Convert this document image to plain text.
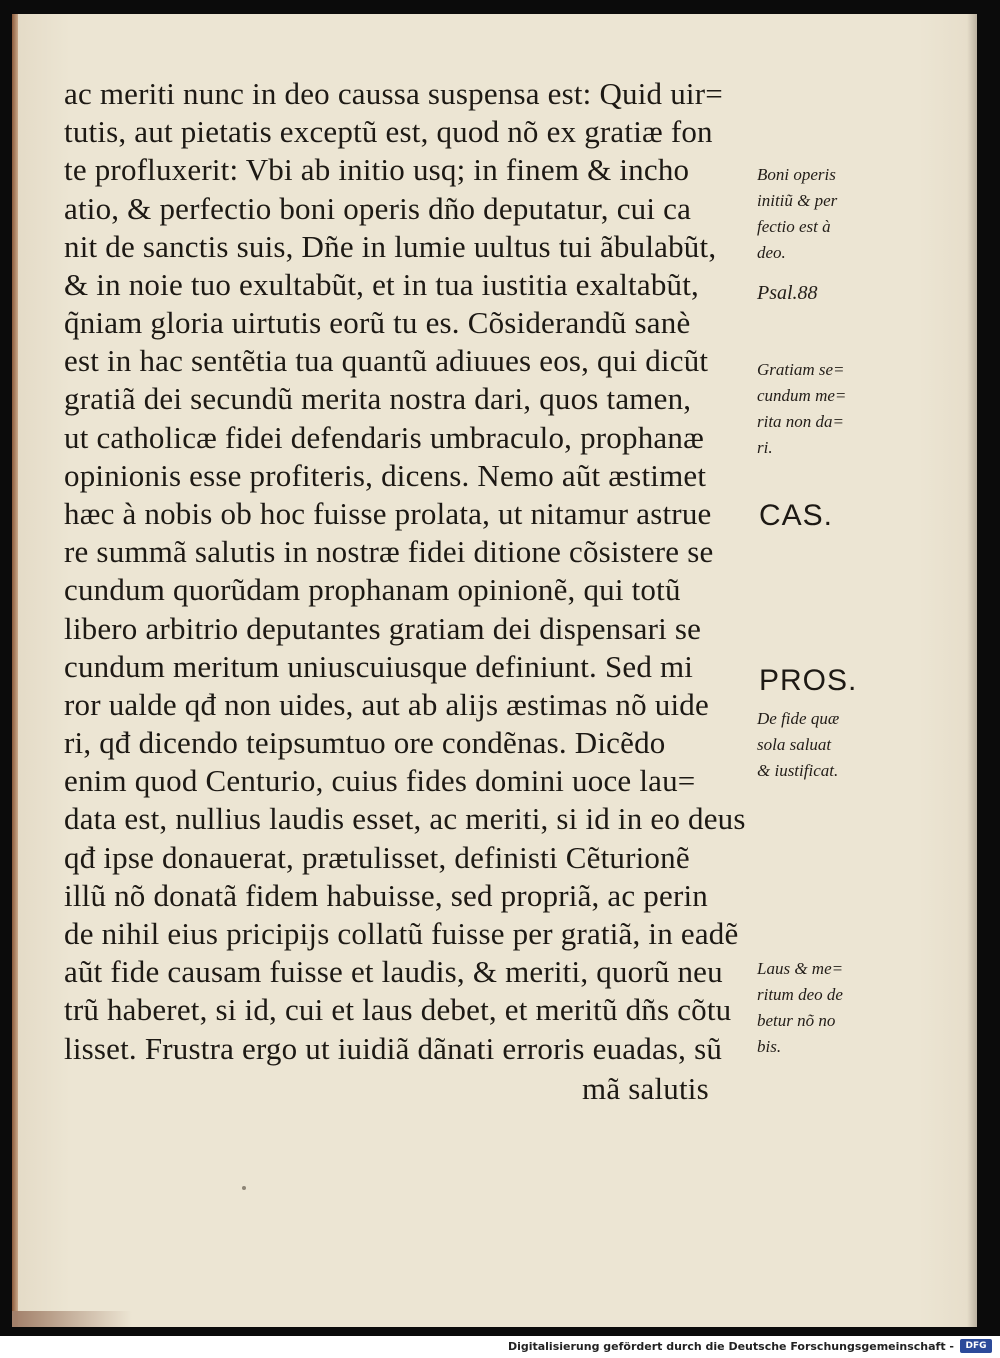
ac meriti nunc in deo caussa suspensa est: Quid uir=
tutis, aut pietatis exceptũ est, quod nõ ex gratiæ fon
te profluxerit: Vbi ab initio usq; in finem & incho
atio, & perfectio boni operis dño deputatur, cui ca
nit de sanctis suis, Dñe in lumie uultus tui ãbulabũt,
& in noie tuo exultabũt, et in tua iustitia exaltabũt,
q̃niam gloria uirtutis eorũ tu es. Cõsiderandũ sanè
est in hac sentẽtia tua quantũ adiuues eos, qui dicũt
gratiã dei secundũ merita nostra dari, quos tamen,
ut catholicæ fidei defendaris umbraculo, prophanæ
opinionis esse profiteris, dicens. Nemo aũt æstimet
hæc à nobis ob hoc fuisse prolata, ut nitamur astrue
re summã salutis in nostræ fidei ditione cõsistere se
cundum quorũdam prophanam opinionẽ, qui totũ
libero arbitrio deputantes gratiam dei dispensari se
cundum meritum uniuscuiusque definiunt. Sed mi
ror ualde qđ non uides, aut ab alijs æstimas nõ uide
ri, qđ dicendo teipsumtuo ore condẽnas. Dicẽdo
enim quod Centurio, cuius fides domini uoce lau=
data est, nullius laudis esset, ac meriti, si id in eo deus
qđ ipse donauerat, prætulisset, definisti Cẽturionẽ
illũ nõ donatã fidem habuisse, sed propriã, ac perin
de nihil eius pricipijs collatũ fuisse per gratiã, in eadẽ
aũt fide causam fuisse et laudis, & meriti, quorũ neu
trũ haberet, si id, cui et laus debet, et meritũ dñs cõtu
lisset. Frustra ergo ut iuidiã dãnati erroris euadas, sũ
mã salutis
Boni operis
initiũ & per
fectio est à
deo.
Psal.88
Gratiam se=
cundum me=
rita non da=
ri.
CAS.
PROS.
De fide quæ
sola saluat
& iustificat.
Laus & me=
ritum deo de
betur nõ no
bis.
Digitalisierung gefördert durch die Deutsche Forschungsgemeinschaft -	DFG
